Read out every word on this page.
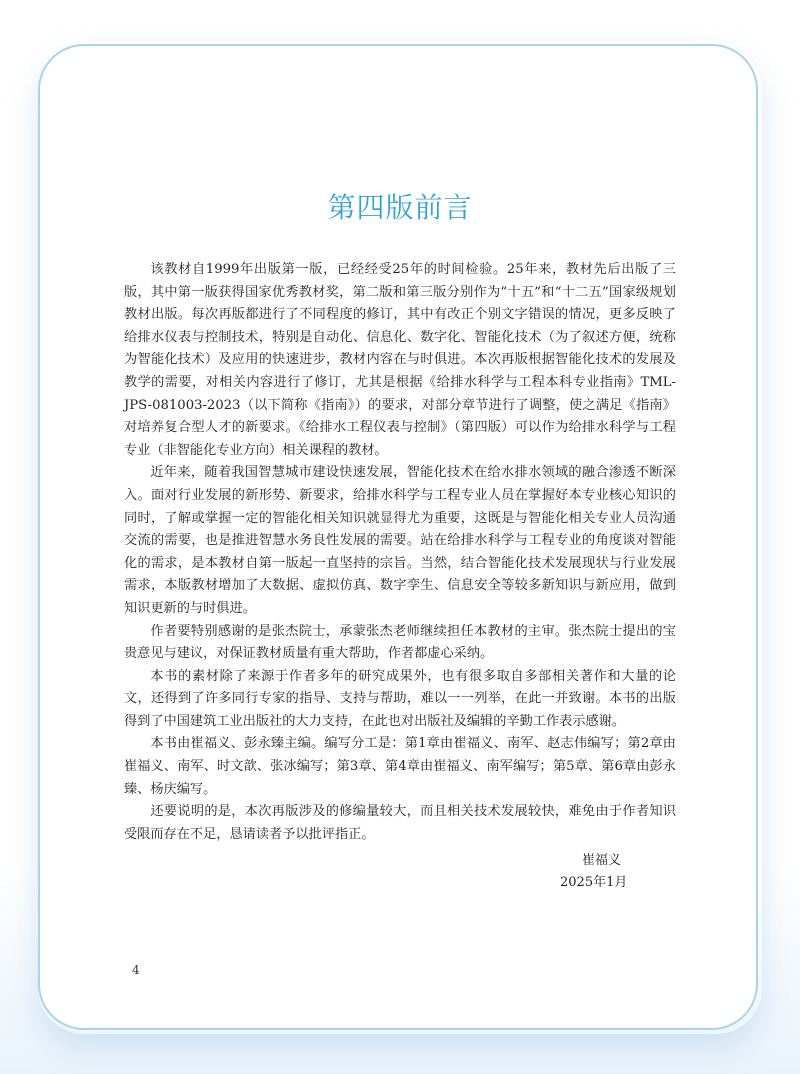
第四版前言

该教材自1999年出版第一版，已经经受25年的时间检验。25年来，教材先后出版了三版，其中第一版获得国家优秀教材奖，第二版和第三版分别作为“十五”和“十二五”国家级规划教材出版。每次再版都进行了不同程度的修订，其中有改正个别文字错误的情况，更多反映了给排水仪表与控制技术，特别是自动化、信息化、数字化、智能化技术（为了叙述方便，统称为智能化技术）及应用的快速进步，教材内容在与时俱进。本次再版根据智能化技术的发展及教学的需要，对相关内容进行了修订，尤其是根据《给排水科学与工程本科专业指南》TML-JPS-081003-2023（以下简称《指南》）的要求，对部分章节进行了调整，使之满足《指南》对培养复合型人才的新要求。《给排水工程仪表与控制》（第四版）可以作为给排水科学与工程专业（非智能化专业方向）相关课程的教材。

近年来，随着我国智慧城市建设快速发展，智能化技术在给水排水领域的融合渗透不断深入。面对行业发展的新形势、新要求，给排水科学与工程专业人员在掌握好本专业核心知识的同时，了解或掌握一定的智能化相关知识就显得尤为重要，这既是与智能化相关专业人员沟通交流的需要，也是推进智慧水务良性发展的需要。站在给排水科学与工程专业的角度谈对智能化的需求，是本教材自第一版起一直坚持的宗旨。当然，结合智能化技术发展现状与行业发展需求，本版教材增加了大数据、虚拟仿真、数字孪生、信息安全等较多新知识与新应用，做到知识更新的与时俱进。

作者要特别感谢的是张杰院士，承蒙张杰老师继续担任本教材的主审。张杰院士提出的宝贵意见与建议，对保证教材质量有重大帮助，作者都虚心采纳。

本书的素材除了来源于作者多年的研究成果外，也有很多取自多部相关著作和大量的论文，还得到了许多同行专家的指导、支持与帮助，难以一一列举，在此一并致谢。本书的出版得到了中国建筑工业出版社的大力支持，在此也对出版社及编辑的辛勤工作表示感谢。

本书由崔福义、彭永臻主编。编写分工是：第1章由崔福义、南军、赵志伟编写；第2章由崔福义、南军、时文歆、张冰编写；第3章、第4章由崔福义、南军编写；第5章、第6章由彭永臻、杨庆编写。

还要说明的是，本次再版涉及的修编量较大，而且相关技术发展较快，难免由于作者知识受限而存在不足，恳请读者予以批评指正。

崔福义
2025年1月
4
